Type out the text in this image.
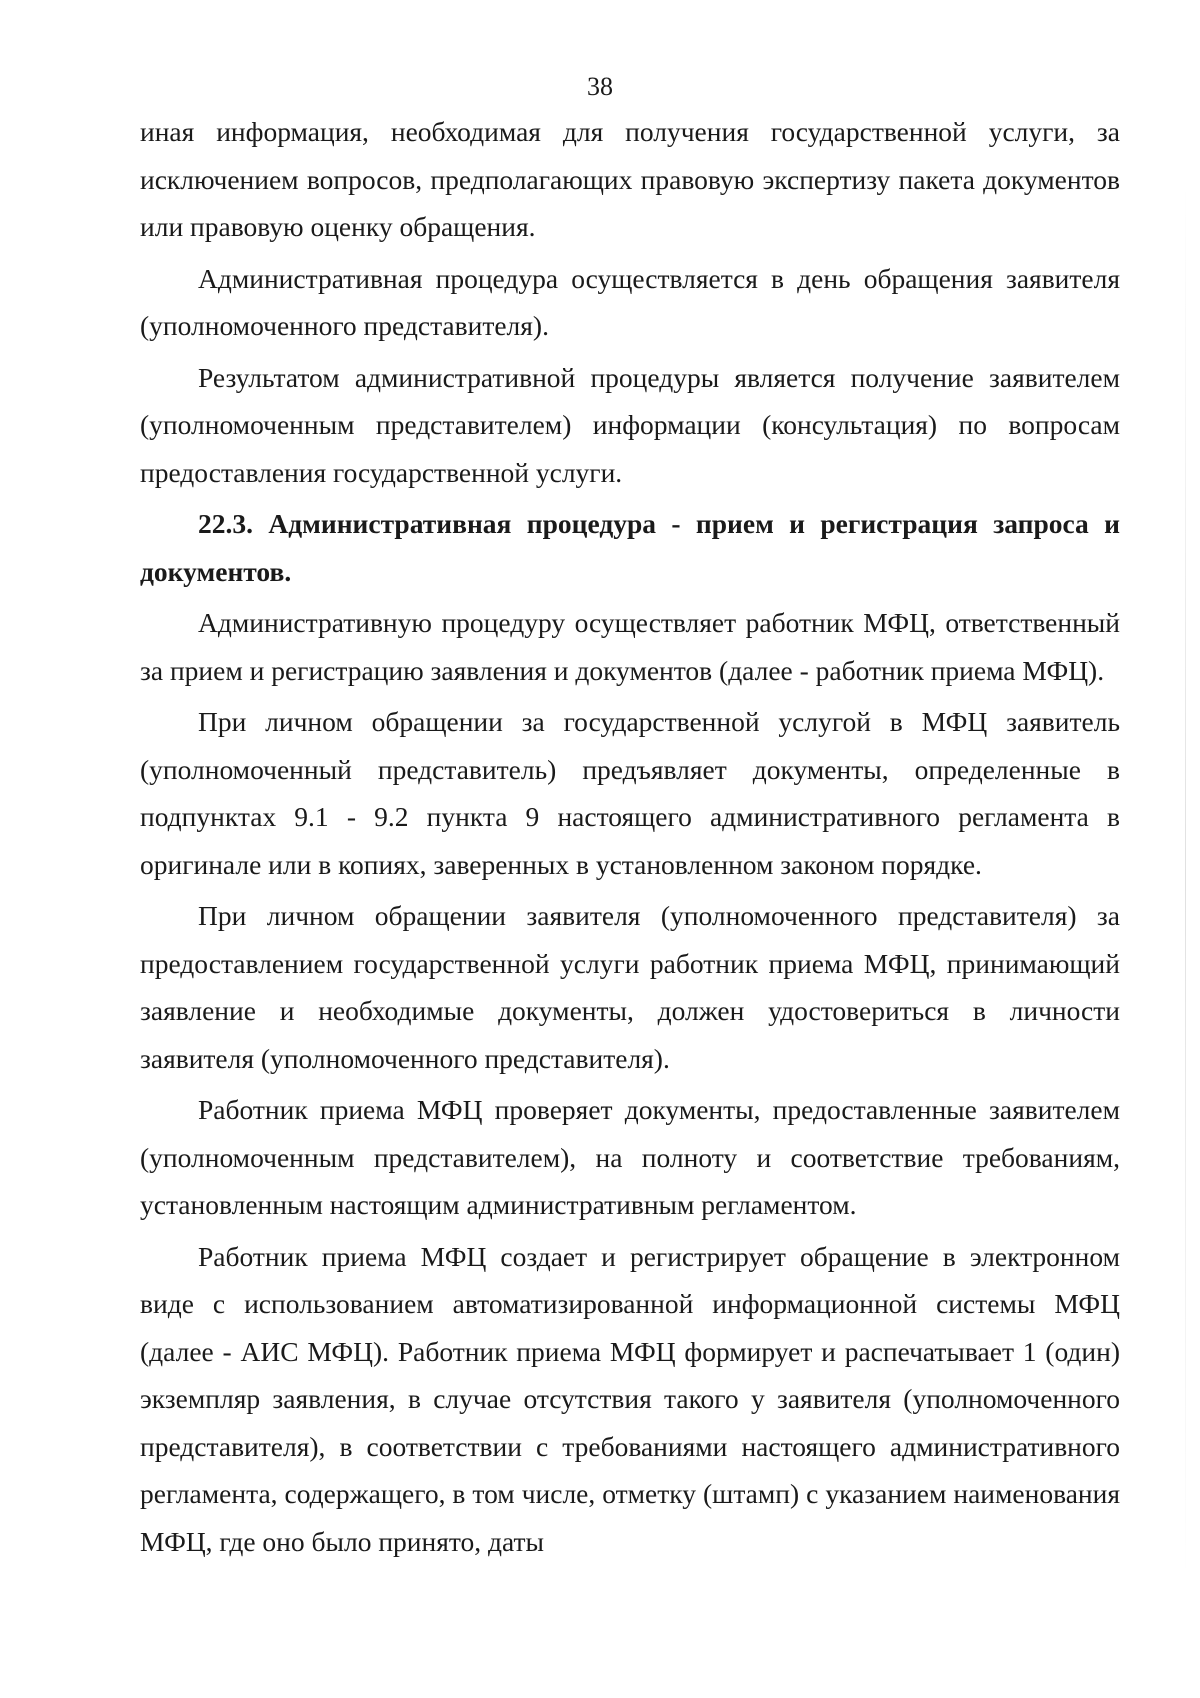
38

иная информация, необходимая для получения государственной услуги, за исключением вопросов, предполагающих правовую экспертизу пакета документов или правовую оценку обращения.

Административная процедура осуществляется в день обращения заявителя (уполномоченного представителя).

Результатом административной процедуры является получение заявителем (уполномоченным представителем) информации (консультация) по вопросам предоставления государственной услуги.

22.3. Административная процедура - прием и регистрация запроса и документов.

Административную процедуру осуществляет работник МФЦ, ответственный за прием и регистрацию заявления и документов (далее - работник приема МФЦ).

При личном обращении за государственной услугой в МФЦ заявитель (уполномоченный представитель) предъявляет документы, определенные в подпунктах 9.1 - 9.2 пункта 9 настоящего административного регламента в оригинале или в копиях, заверенных в установленном законом порядке.

При личном обращении заявителя (уполномоченного представителя) за предоставлением государственной услуги работник приема МФЦ, принимающий заявление и необходимые документы, должен удостовериться в личности заявителя (уполномоченного представителя).

Работник приема МФЦ проверяет документы, предоставленные заявителем (уполномоченным представителем), на полноту и соответствие требованиям, установленным настоящим административным регламентом.

Работник приема МФЦ создает и регистрирует обращение в электронном виде с использованием автоматизированной информационной системы МФЦ (далее - АИС МФЦ). Работник приема МФЦ формирует и распечатывает 1 (один) экземпляр заявления, в случае отсутствия такого у заявителя (уполномоченного представителя), в соответствии с требованиями настоящего административного регламента, содержащего, в том числе, отметку (штамп) с указанием наименования МФЦ, где оно было принято, даты
